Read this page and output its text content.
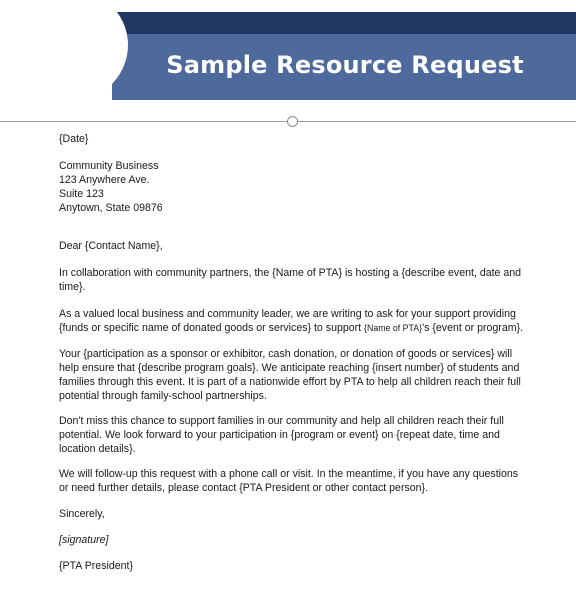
Sample Resource Request
{Date}
Community Business
123 Anywhere Ave.
Suite 123
Anytown, State 09876
Dear {Contact Name},
In collaboration with community partners, the {Name of PTA} is hosting a {describe event, date and
time}.
As a valued local business and community leader, we are writing to ask for your support providing
{funds or specific name of donated goods or services} to support {Name of PTA}'s {event or program}.
Your {participation as a sponsor or exhibitor, cash donation, or donation of goods or services} will
help ensure that {describe program goals}. We anticipate reaching {insert number} of students and
families through this event. It is part of a nationwide effort by PTA to help all children reach their full
potential through family-school partnerships.
Don't miss this chance to support families in our community and help all children reach their full
potential. We look forward to your participation in {program or event} on {repeat date, time and
location details}.
We will follow-up this request with a phone call or visit. In the meantime, if you have any questions
or need further details, please contact {PTA President or other contact person}.
Sincerely,
[signature]
{PTA President}
